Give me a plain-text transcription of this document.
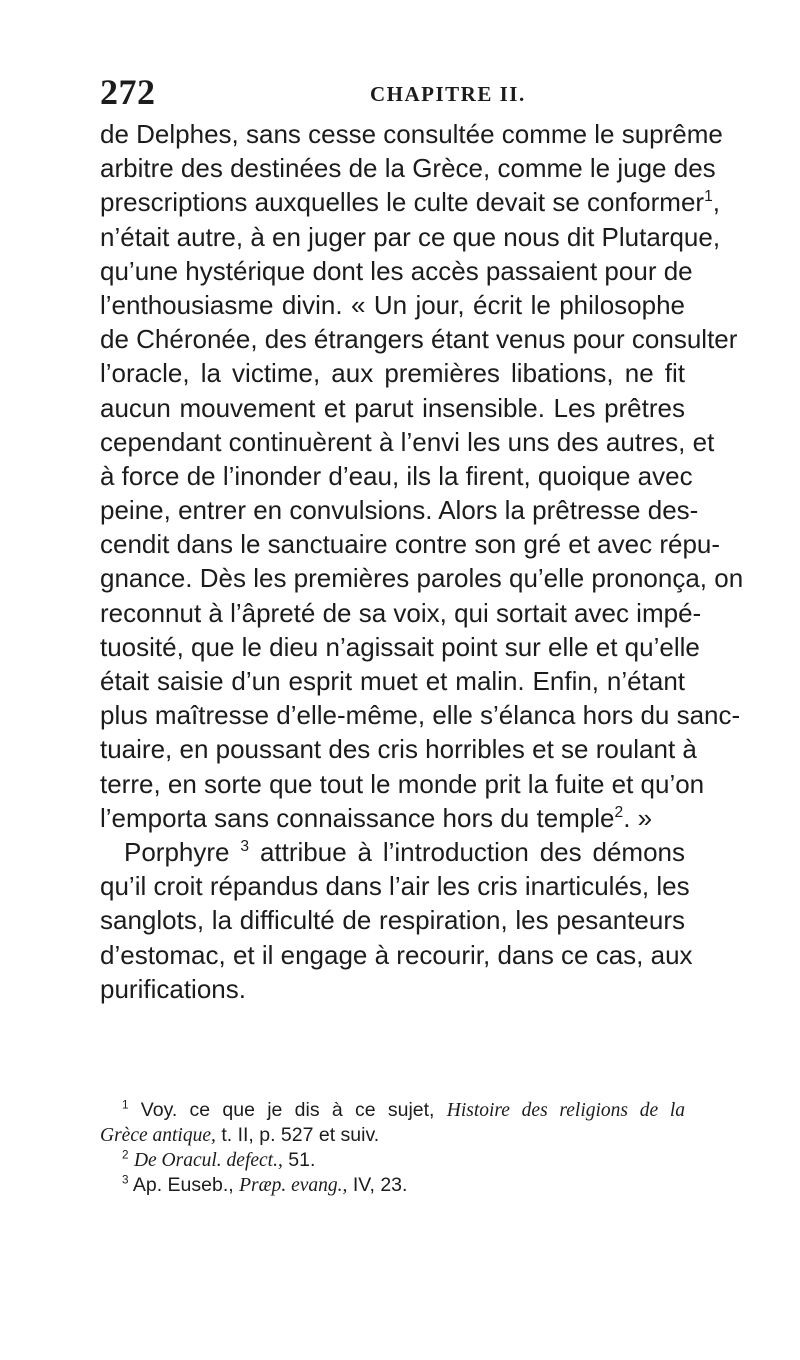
272	CHAPITRE II.
de Delphes, sans cesse consultée comme le suprême
arbitre des destinées de la Grèce, comme le juge des
prescriptions auxquelles le culte devait se conformer$^1$,
n’était autre, à en juger par ce que nous dit Plutarque,
qu’une hystérique dont les accès passaient pour de
l’enthousiasme divin. « Un jour, écrit le philosophe
de Chéronée, des étrangers étant venus pour consulter
l’oracle, la victime, aux premières libations, ne fit
aucun mouvement et parut insensible. Les prêtres
cependant continuèrent à l’envi les uns des autres, et
à force de l’inonder d’eau, ils la firent, quoique avec
peine, entrer en convulsions. Alors la prêtresse des-
cendit dans le sanctuaire contre son gré et avec répu-
gnance. Dès les premières paroles qu’elle prononça, on
reconnut à l’âpreté de sa voix, qui sortait avec impé-
tuosité, que le dieu n’agissait point sur elle et qu’elle
était saisie d’un esprit muet et malin. Enfin, n’étant
plus maîtresse d’elle-même, elle s’élanca hors du sanc-
tuaire, en poussant des cris horribles et se roulant à
terre, en sorte que tout le monde prit la fuite et qu’on
l’emporta sans connaissance hors du temple$^2$. »
Porphyre $^3$ attribue à l’introduction des démons
qu’il croit répandus dans l’air les cris inarticulés, les
sanglots, la difficulté de respiration, les pesanteurs
d’estomac, et il engage à recourir, dans ce cas, aux
purifications.
$^1$ Voy. ce que je dis à ce sujet, Histoire des religions de la
Grèce antique, t. II, p. 527 et suiv.
$^2$ De Oracul. defect., 51.
$^3$ Ap. Euseb., Præp. evang., IV, 23.
